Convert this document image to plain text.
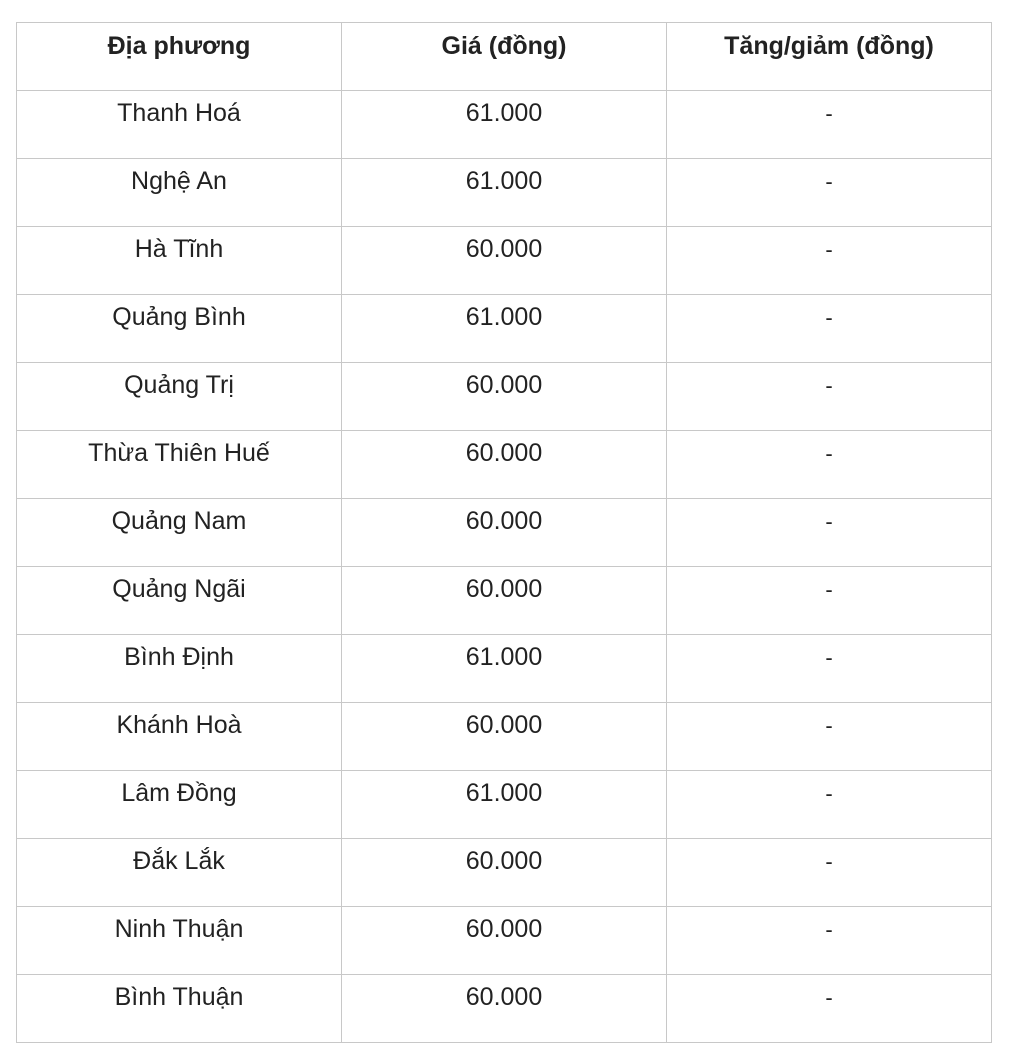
Địa phương	Giá (đồng)	Tăng/giảm (đồng)
Thanh Hoá	61.000	-
Nghệ An	61.000	-
Hà Tĩnh	60.000	-
Quảng Bình	61.000	-
Quảng Trị	60.000	-
Thừa Thiên Huế	60.000	-
Quảng Nam	60.000	-
Quảng Ngãi	60.000	-
Bình Định	61.000	-
Khánh Hoà	60.000	-
Lâm Đồng	61.000	-
Đắk Lắk	60.000	-
Ninh Thuận	60.000	-
Bình Thuận	60.000	-
